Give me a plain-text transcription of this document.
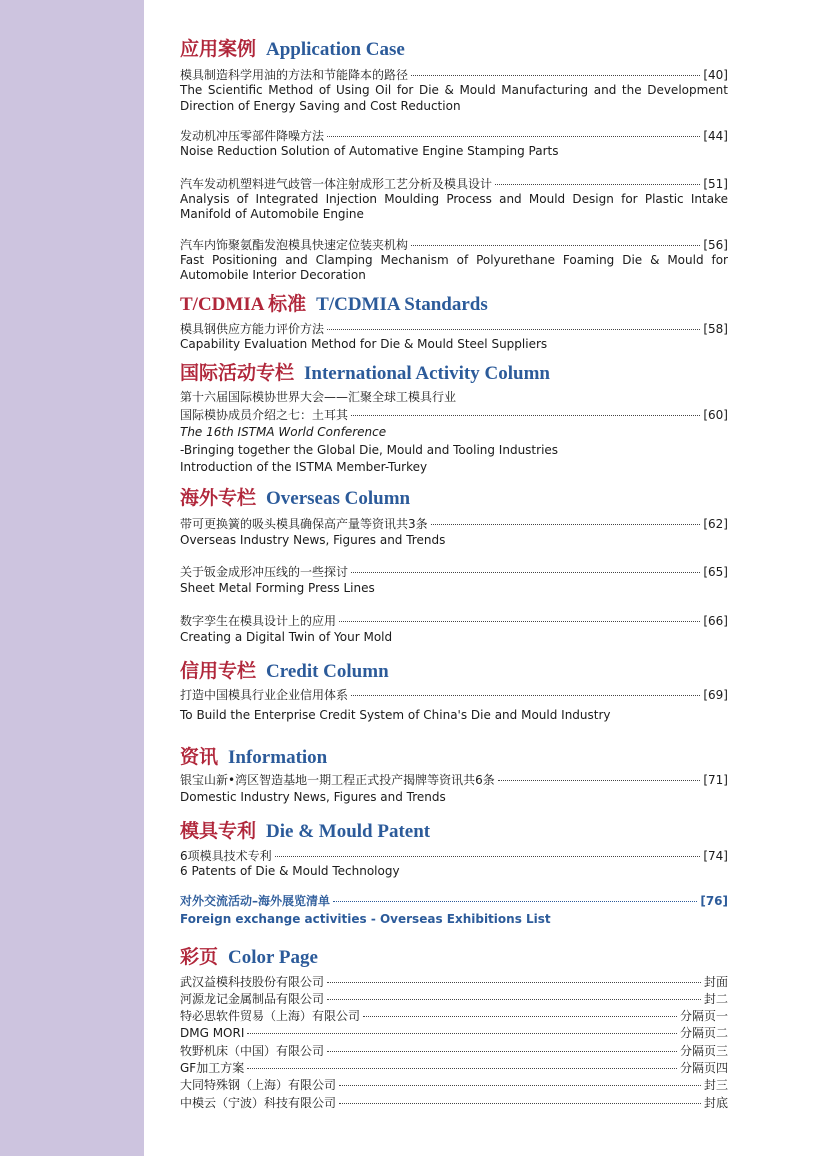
应用案例 Application Case
模具制造科学用油的方法和节能降本的路径	[40]
The Scientific Method of Using Oil for Die & Mould Manufacturing and the Development Direction of Energy Saving and Cost Reduction
发动机冲压零部件降噪方法	[44]
Noise Reduction Solution of Automative Engine Stamping Parts
汽车发动机塑料进气歧管一体注射成形工艺分析及模具设计	[51]
Analysis of Integrated Injection Moulding Process and Mould Design for Plastic Intake Manifold of Automobile Engine
汽车内饰聚氨酯发泡模具快速定位装夹机构	[56]
Fast Positioning and Clamping Mechanism of Polyurethane Foaming Die & Mould for Automobile Interior Decoration
T/CDMIA 标准 T/CDMIA Standards
模具钢供应方能力评价方法	[58]
Capability Evaluation Method for Die & Mould Steel Suppliers
国际活动专栏 International Activity Column
第十六届国际模协世界大会——汇聚全球工模具行业
国际模协成员介绍之七：土耳其	[60]
The 16th ISTMA World Conference
-Bringing together the Global Die, Mould and Tooling Industries
Introduction of the ISTMA Member-Turkey
海外专栏 Overseas Column
带可更换簧的吸头模具确保高产量等资讯共3条	[62]
Overseas Industry News, Figures and Trends
关于钣金成形冲压线的一些探讨	[65]
Sheet Metal Forming Press Lines
数字孪生在模具设计上的应用	[66]
Creating a Digital Twin of Your Mold
信用专栏 Credit Column
打造中国模具行业企业信用体系	[69]
To Build the Enterprise Credit System of China's Die and Mould Industry
资讯 Information
银宝山新•湾区智造基地一期工程正式投产揭牌等资讯共6条	[71]
Domestic Industry News, Figures and Trends
模具专利 Die & Mould Patent
6项模具技术专利	[74]
6 Patents of Die & Mould Technology
对外交流活动–海外展览清单	[76]
Foreign exchange activities - Overseas Exhibitions List
彩页 Color Page
武汉益模科技股份有限公司	封面
河源龙记金属制品有限公司	封二
特必思软件贸易（上海）有限公司	分隔页一
DMG MORI	分隔页二
牧野机床（中国）有限公司	分隔页三
GF加工方案	分隔页四
大同特殊钢（上海）有限公司	封三
中模云（宁波）科技有限公司	封底
